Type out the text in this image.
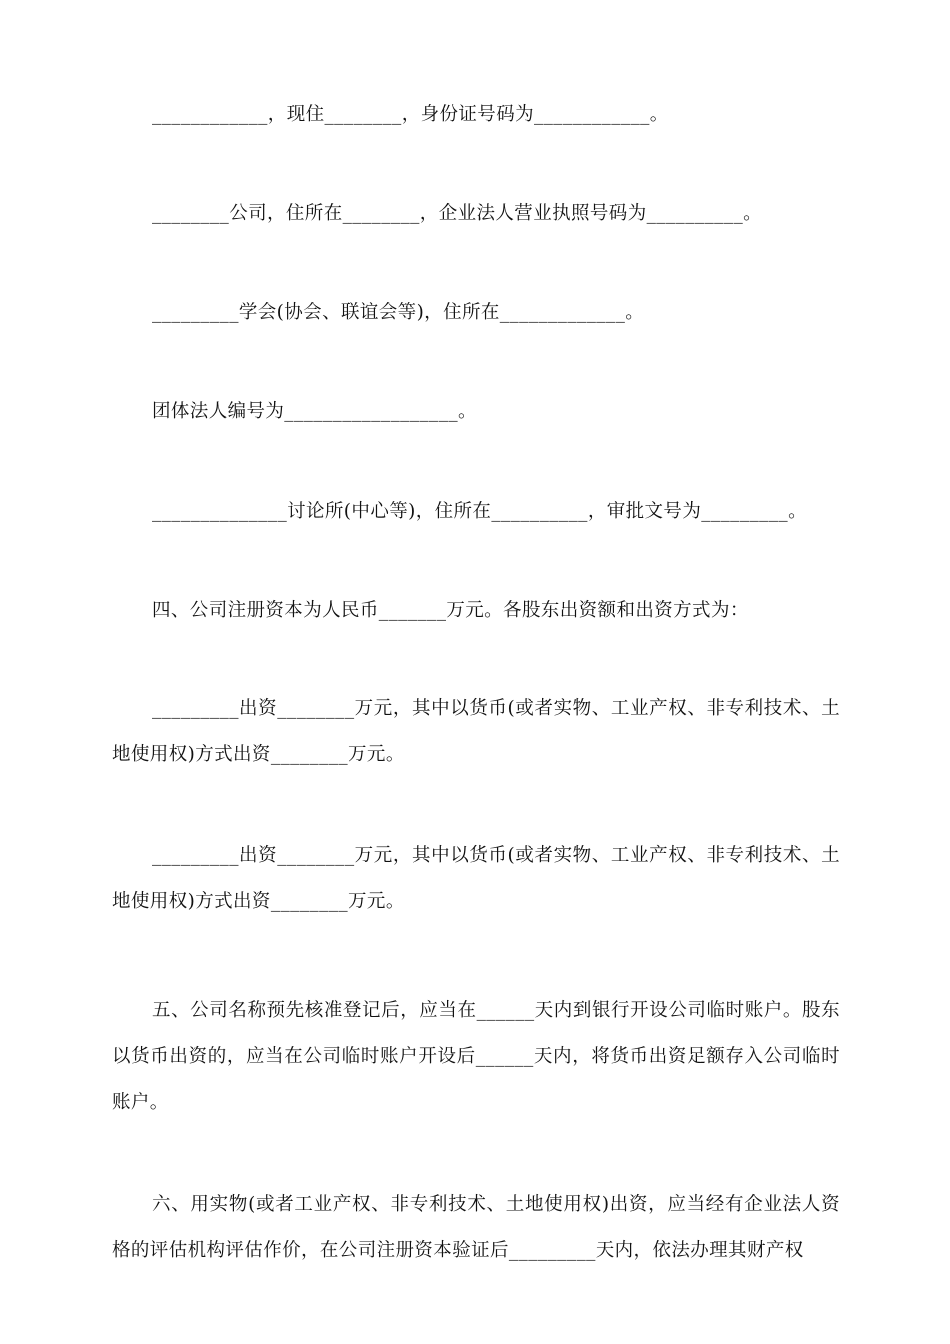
____________，现住________，身份证号码为____________。

________公司，住所在________，企业法人营业执照号码为__________。

_________学会(协会、联谊会等)，住所在_____________。

团体法人编号为__________________。

______________讨论所(中心等)，住所在__________，审批文号为_________。

四、公司注册资本为人民币_______万元。各股东出资额和出资方式为：

_________出资________万元，其中以货币(或者实物、工业产权、非专利技术、土地使用权)方式出资________万元。

_________出资________万元，其中以货币(或者实物、工业产权、非专利技术、土地使用权)方式出资________万元。

五、公司名称预先核准登记后，应当在______天内到银行开设公司临时账户。股东以货币出资的，应当在公司临时账户开设后______天内，将货币出资足额存入公司临时账户。

六、用实物(或者工业产权、非专利技术、土地使用权)出资，应当经有企业法人资格的评估机构评估作价，在公司注册资本验证后_________天内，依法办理其财产权
